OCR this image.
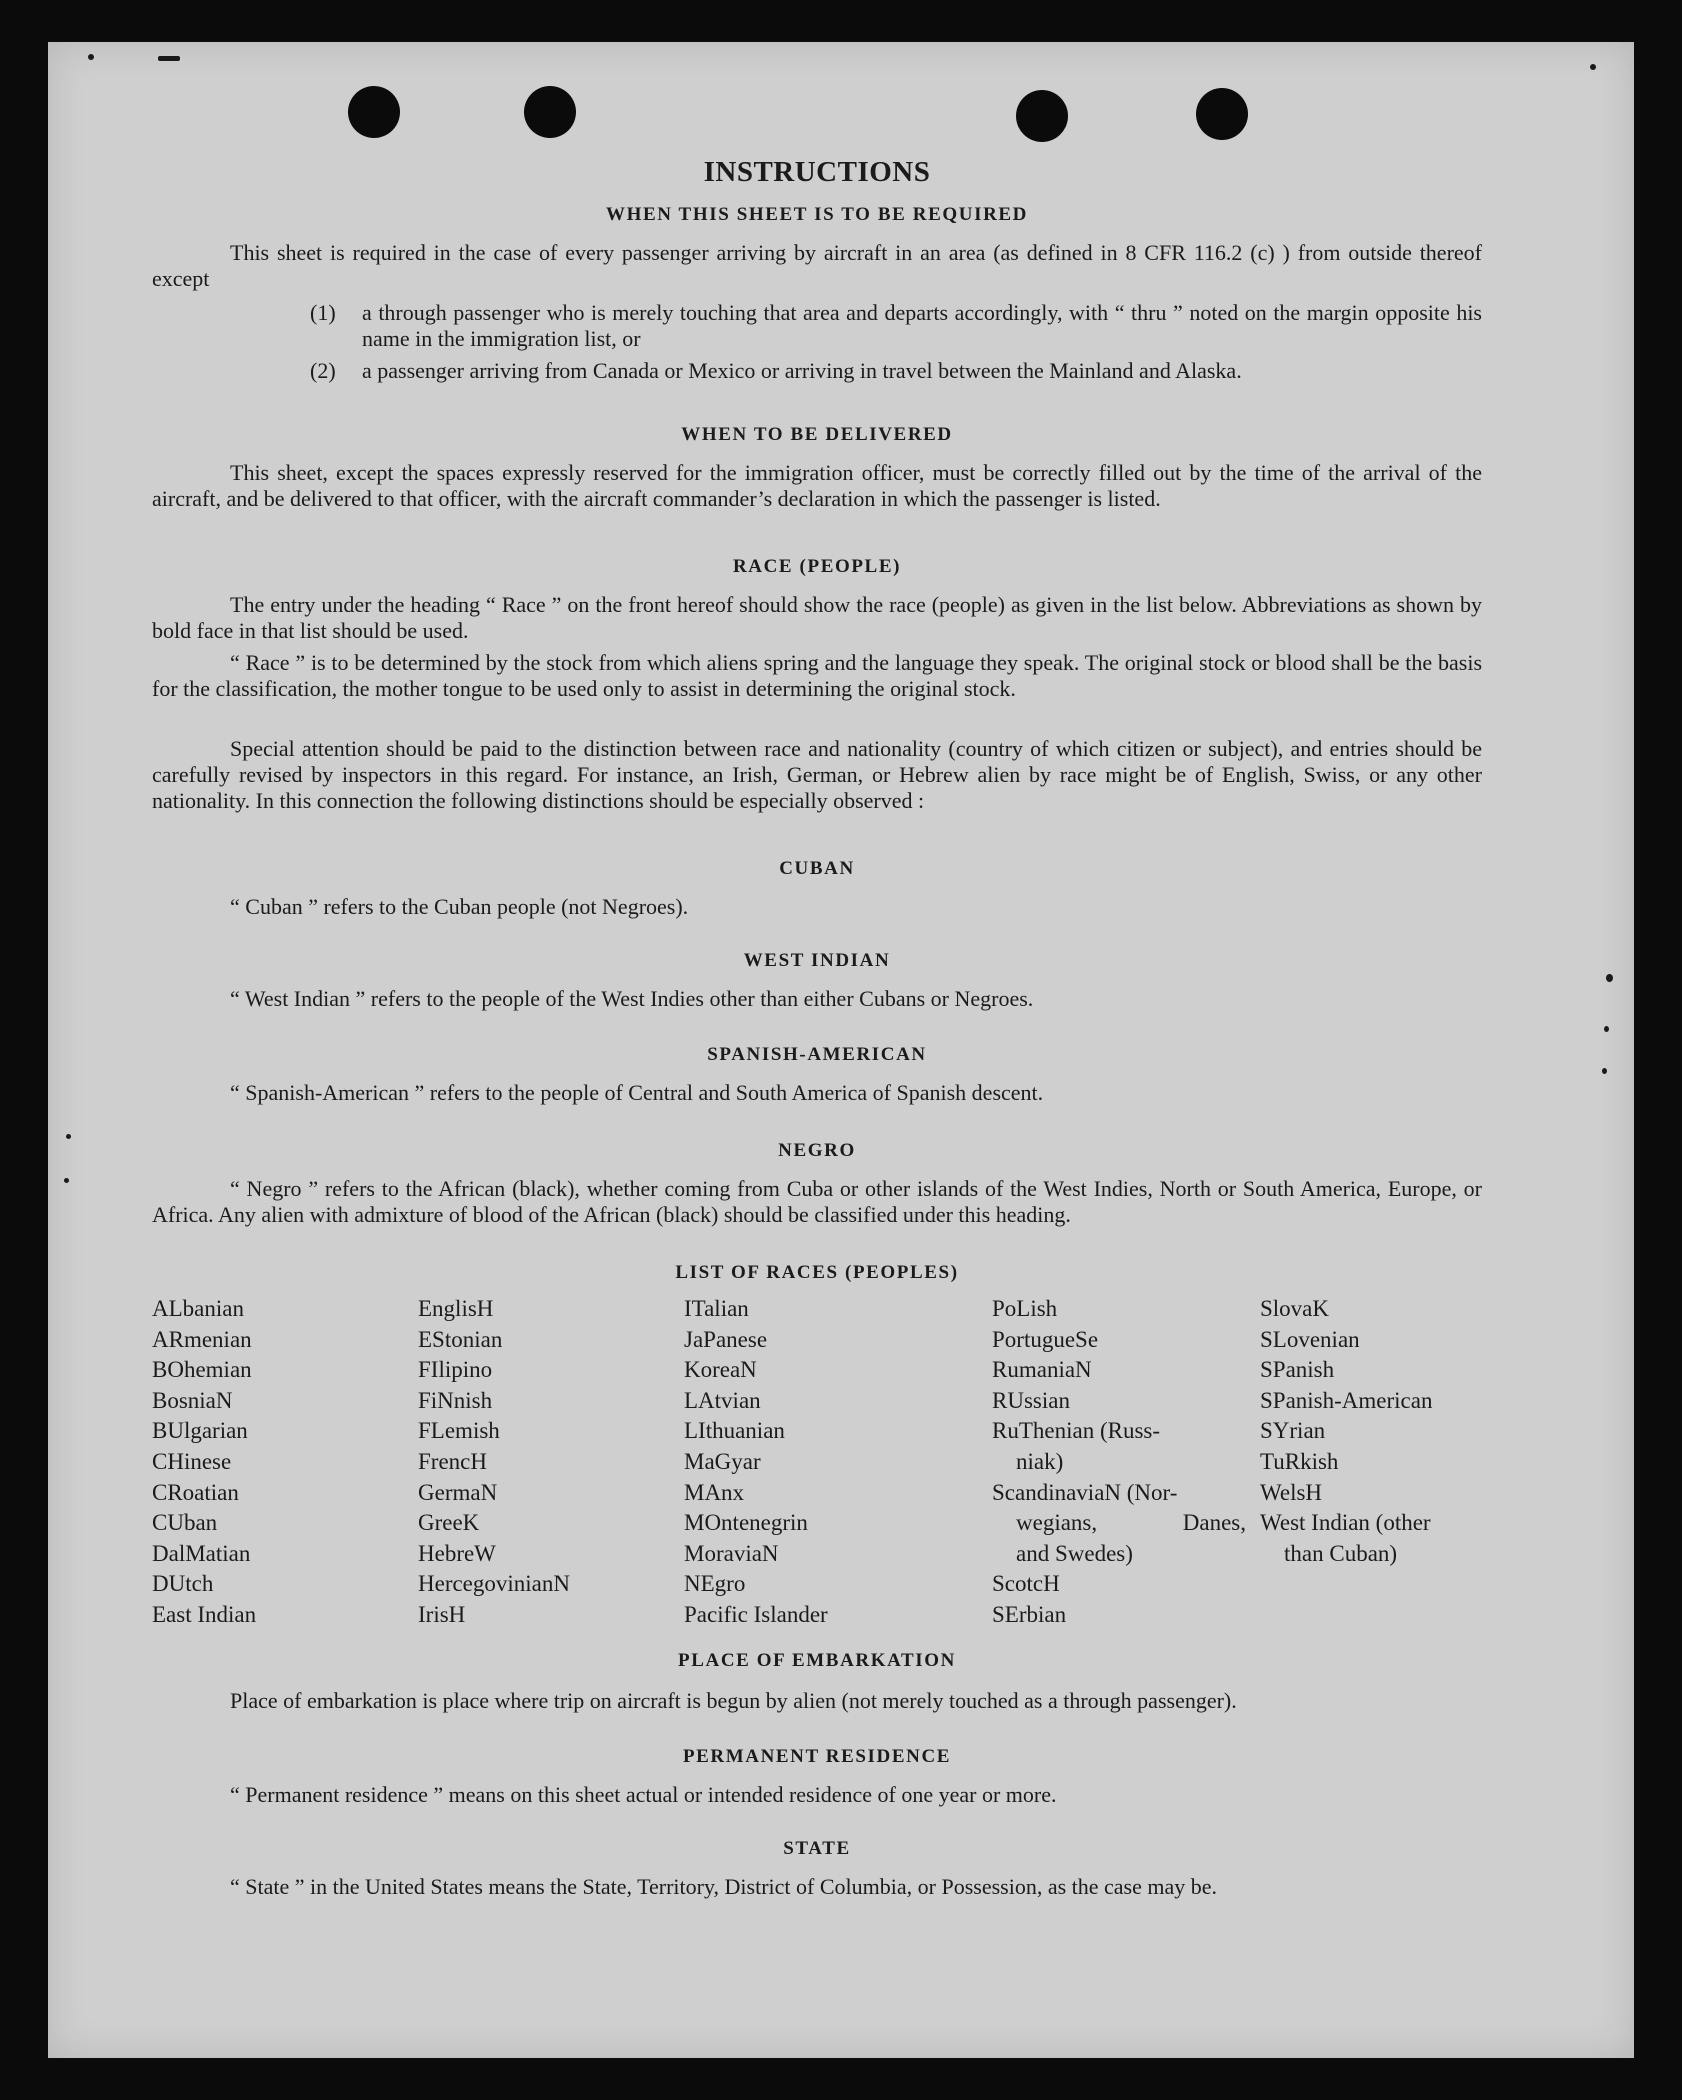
INSTRUCTIONS
WHEN THIS SHEET IS TO BE REQUIRED
This sheet is required in the case of every passenger arriving by aircraft in an area (as defined in 8 CFR 116.2 (c) ) from outside thereof except
(1) a through passenger who is merely touching that area and departs accordingly, with “ thru ” noted on the margin opposite his name in the immigration list, or
(2) a passenger arriving from Canada or Mexico or arriving in travel between the Mainland and Alaska.
WHEN TO BE DELIVERED
This sheet, except the spaces expressly reserved for the immigration officer, must be correctly filled out by the time of the arrival of the aircraft, and be delivered to that officer, with the aircraft commander’s declaration in which the passenger is listed.
RACE (PEOPLE)
The entry under the heading “ Race ” on the front hereof should show the race (people) as given in the list below. Abbreviations as shown by bold face in that list should be used.
“ Race ” is to be determined by the stock from which aliens spring and the language they speak. The original stock or blood shall be the basis for the classification, the mother tongue to be used only to assist in determining the original stock.
Special attention should be paid to the distinction between race and nationality (country of which citizen or subject), and entries should be carefully revised by inspectors in this regard. For instance, an Irish, German, or Hebrew alien by race might be of English, Swiss, or any other nationality. In this connection the following distinctions should be especially observed :
CUBAN
“ Cuban ” refers to the Cuban people (not Negroes).
WEST INDIAN
“ West Indian ” refers to the people of the West Indies other than either Cubans or Negroes.
SPANISH-AMERICAN
“ Spanish-American ” refers to the people of Central and South America of Spanish descent.
NEGRO
“ Negro ” refers to the African (black), whether coming from Cuba or other islands of the West Indies, North or South America, Europe, or Africa. Any alien with admixture of blood of the African (black) should be classified under this heading.
LIST OF RACES (PEOPLES)
ALbanian
ARmenian
BOhemian
BosniaN
BUlgarian
CHinese
CRoatian
CUban
DalMatian
DUtch
East Indian
EnglisH
EStonian
FIlipino
FiNnish
FLemish
FrencH
GermaN
GreeK
HebreW
HercegovinianN
IrisH
ITalian
JaPanese
KoreaN
LAtvian
LIthuanian
MaGyar
MAnx
MOntenegrin
MoraviaN
NEgro
Pacific Islander
PoLish
PortugueSe
RumaniaN
RUssian
RuThenian (Russ-
niak)
ScandinaviaN (Nor-
wegians, Danes,
and Swedes)
ScotcH
SErbian
SlovaK
SLovenian
SPanish
SPanish-American
SYrian
TuRkish
WelsH
West Indian (other
than Cuban)
PLACE OF EMBARKATION
Place of embarkation is place where trip on aircraft is begun by alien (not merely touched as a through passenger).
PERMANENT RESIDENCE
“ Permanent residence ” means on this sheet actual or intended residence of one year or more.
STATE
“ State ” in the United States means the State, Territory, District of Columbia, or Possession, as the case may be.
